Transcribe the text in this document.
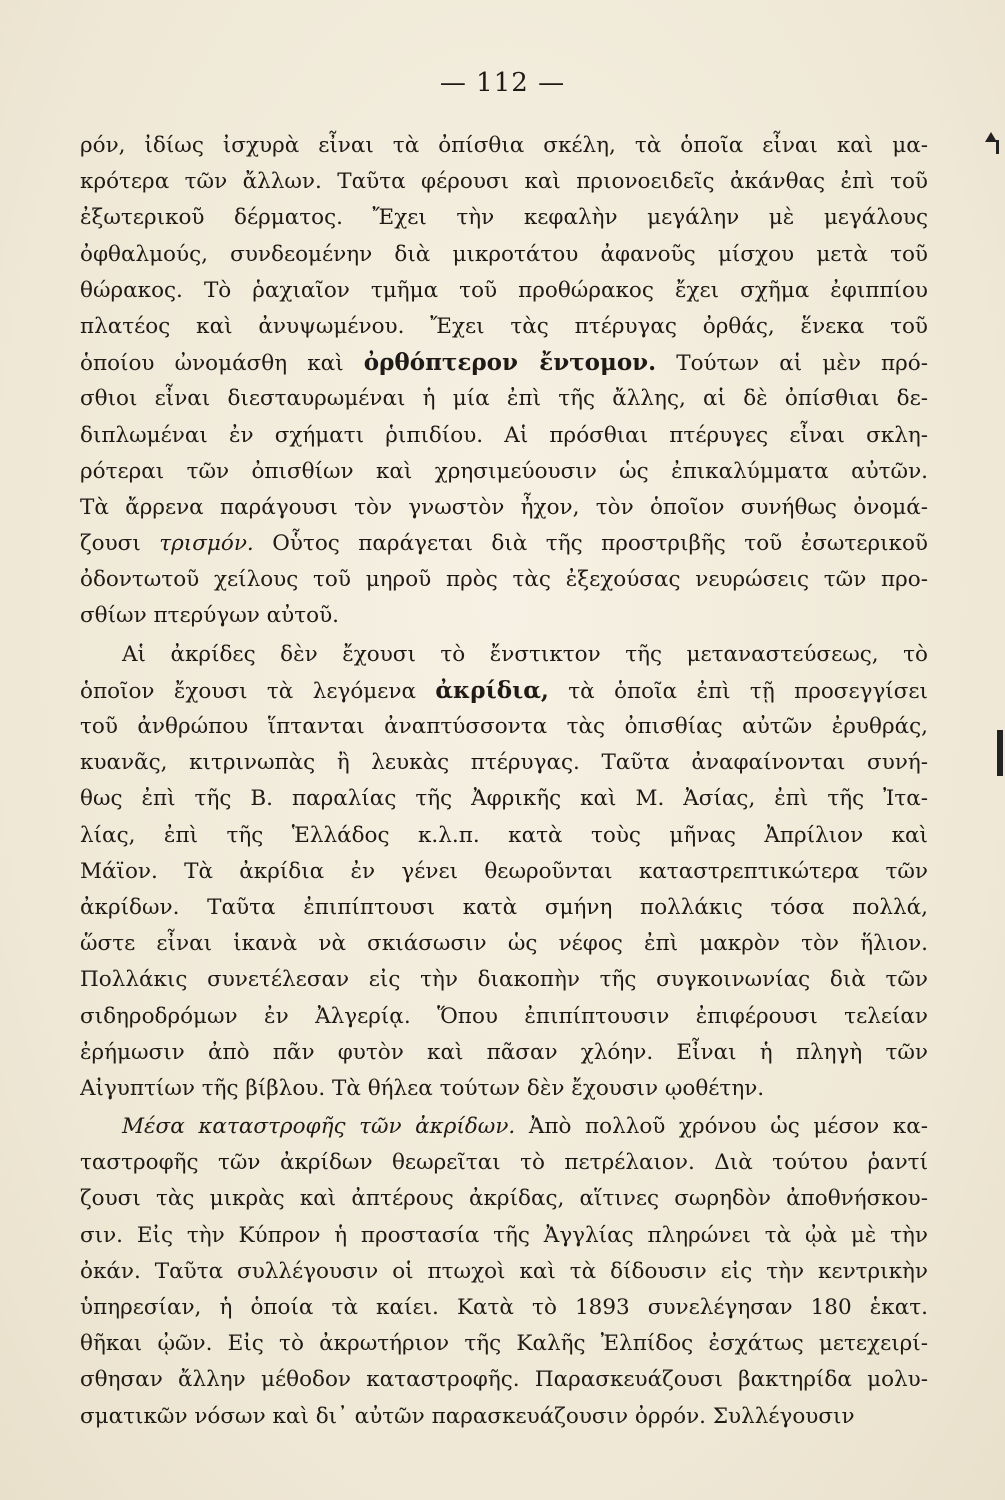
— 112 —
ρόν, ἰδίως ἰσχυρὰ εἶναι τὰ ὀπίσθια σκέλη, τὰ ὁποῖα εἶναι καὶ μα-
κρότερα τῶν ἄλλων. Ταῦτα φέρουσι καὶ πριονοειδεῖς ἀκάνθας ἐπὶ τοῦ
ἐξωτερικοῦ δέρματος. Ἔχει τὴν κεφαλὴν μεγάλην μὲ μεγάλους
ὀφθαλμούς, συνδεομένην διὰ μικροτάτου ἀφανοῦς μίσχου μετὰ τοῦ
θώρακος. Τὸ ῥαχιαῖον τμῆμα τοῦ προθώρακος ἔχει σχῆμα ἐφιππίου
πλατέος καὶ ἀνυψωμένου. Ἔχει τὰς πτέρυγας ὀρθάς, ἕνεκα τοῦ
ὁποίου ὠνομάσθη καὶ ὀρθόπτερον ἔντομον. Τούτων αἱ μὲν πρό-
σθιοι εἶναι διεσταυρωμέναι ἡ μία ἐπὶ τῆς ἄλλης, αἱ δὲ ὀπίσθιαι δε-
διπλωμέναι ἐν σχήματι ῥιπιδίου. Αἱ πρόσθιαι πτέρυγες εἶναι σκλη-
ρότεραι τῶν ὀπισθίων καὶ χρησιμεύουσιν ὡς ἐπικαλύμματα αὐτῶν.
Τὰ ἄρρενα παράγουσι τὸν γνωστὸν ἦχον, τὸν ὁποῖον συνήθως ὀνομά-
ζουσι τρισμόν. Οὗτος παράγεται διὰ τῆς προστριβῆς τοῦ ἐσωτερικοῦ
ὀδοντωτοῦ χείλους τοῦ μηροῦ πρὸς τὰς ἐξεχούσας νευρώσεις τῶν προ-
σθίων πτερύγων αὐτοῦ.
Αἱ ἀκρίδες δὲν ἔχουσι τὸ ἔνστικτον τῆς μεταναστεύσεως, τὸ
ὁποῖον ἔχουσι τὰ λεγόμενα ἀκρίδια, τὰ ὁποῖα ἐπὶ τῇ προσεγγίσει
τοῦ ἀνθρώπου ἵπτανται ἀναπτύσσοντα τὰς ὀπισθίας αὐτῶν ἐρυθράς,
κυανᾶς, κιτρινωπὰς ἢ λευκὰς πτέρυγας. Ταῦτα ἀναφαίνονται συνή-
θως ἐπὶ τῆς Β. παραλίας τῆς Ἀφρικῆς καὶ Μ. Ἀσίας, ἐπὶ τῆς Ἰτα-
λίας, ἐπὶ τῆς Ἑλλάδος κ.λ.π. κατὰ τοὺς μῆνας Ἀπρίλιον καὶ
Μάϊον. Τὰ ἀκρίδια ἐν γένει θεωροῦνται καταστρεπτικώτερα τῶν
ἀκρίδων. Ταῦτα ἐπιπίπτουσι κατὰ σμήνη πολλάκις τόσα πολλά,
ὥστε εἶναι ἱκανὰ νὰ σκιάσωσιν ὡς νέφος ἐπὶ μακρὸν τὸν ἥλιον.
Πολλάκις συνετέλεσαν εἰς τὴν διακοπὴν τῆς συγκοινωνίας διὰ τῶν
σιδηροδρόμων ἐν Ἀλγερίᾳ. Ὅπου ἐπιπίπτουσιν ἐπιφέρουσι τελείαν
ἐρήμωσιν ἀπὸ πᾶν φυτὸν καὶ πᾶσαν χλόην. Εἶναι ἡ πληγὴ τῶν
Αἰγυπτίων τῆς βίβλου. Τὰ θήλεα τούτων δὲν ἔχουσιν ῳοθέτην.
Μέσα καταστροφῆς τῶν ἀκρίδων. Ἀπὸ πολλοῦ χρόνου ὡς μέσον κα-
ταστροφῆς τῶν ἀκρίδων θεωρεῖται τὸ πετρέλαιον. Διὰ τούτου ῥαντί
ζουσι τὰς μικρὰς καὶ ἀπτέρους ἀκρίδας, αἵτινες σωρηδὸν ἀποθνήσκου-
σιν. Εἰς τὴν Κύπρον ἡ προστασία τῆς Ἀγγλίας πληρώνει τὰ ᾠὰ μὲ τὴν
ὀκάν. Ταῦτα συλλέγουσιν οἱ πτωχοὶ καὶ τὰ δίδουσιν εἰς τὴν κεντρικὴν
ὑπηρεσίαν, ἡ ὁποία τὰ καίει. Κατὰ τὸ 1893 συνελέγησαν 180 ἑκατ.
θῆκαι ᾠῶν. Εἰς τὸ ἀκρωτήριον τῆς Καλῆς Ἐλπίδος ἐσχάτως μετεχειρί-
σθησαν ἄλλην μέθοδον καταστροφῆς. Παρασκευάζουσι βακτηρίδα μολυ-
σματικῶν νόσων καὶ δι᾽ αὐτῶν παρασκευάζουσιν ὀρρόν. Συλλέγουσιν
